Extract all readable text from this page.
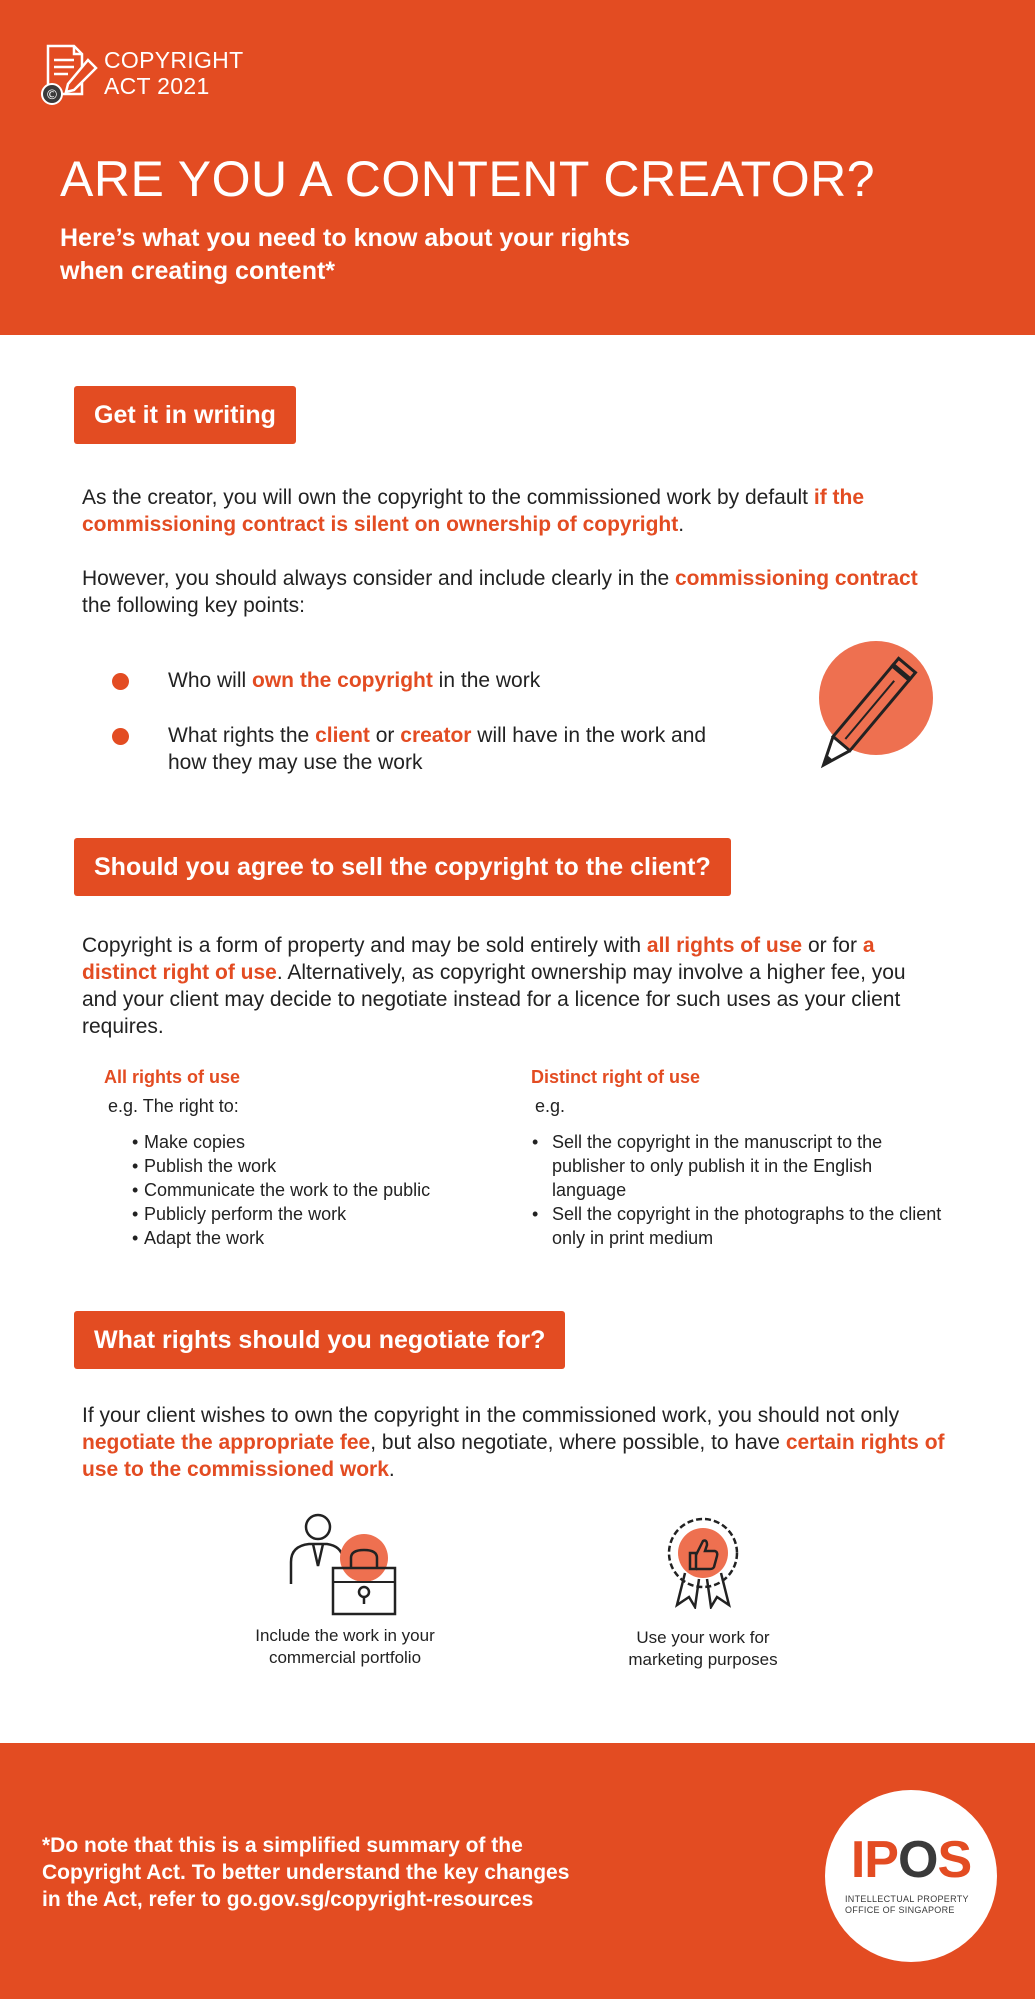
©
COPYRIGHT
ACT 2021
ARE YOU A CONTENT CREATOR?

Here’s what you need to know about your rights
when creating content*

Get it in writing

As the creator, you will own the copyright to the commissioned work by default if the commissioning contract is silent on ownership of copyright.

However, you should always consider and include clearly in the commissioning contract the following key points:

Who will own the copyright in the work
What rights the client or creator will have in the work and how they may use the work
Should you agree to sell the copyright to the client?

Copyright is a form of property and may be sold entirely with all rights of use or for a distinct right of use. Alternatively, as copyright ownership may involve a higher fee, you and your client may decide to negotiate instead for a licence for such uses as your client requires.

All rights of use
e.g. The right to:
• Make copies
• Publish the work
• Communicate the work to the public
• Publicly perform the work
• Adapt the work
Distinct right of use
e.g.
• Sell the copyright in the manuscript to the publisher to only publish it in the English language
• Sell the copyright in the photographs to the client only in print medium
What rights should you negotiate for?

If your client wishes to own the copyright in the commissioned work, you should not only negotiate the appropriate fee, but also negotiate, where possible, to have certain rights of use to the commissioned work.

Include the work in your
commercial portfolio
Use your work for
marketing purposes

*Do note that this is a simplified summary of the
Copyright Act. To better understand the key changes
in the Act, refer to go.gov.sg/copyright-resources

IPOS
INTELLECTUAL PROPERTY
OFFICE OF SINGAPORE
